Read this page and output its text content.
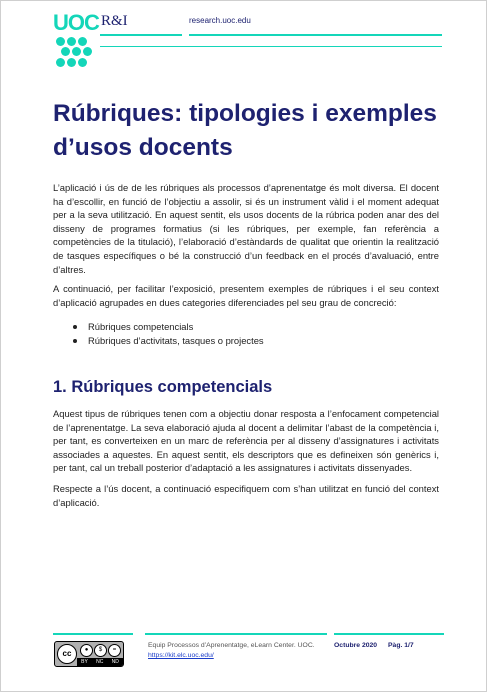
UOC R&I	research.uoc.edu
Rúbriques: tipologies i exemples d’usos docents

L’aplicació i ús de de les rúbriques als processos d’aprenentatge és molt diversa. El docent ha d’escollir, en funció de l’objectiu a assolir, si és un instrument vàlid i el moment adequat per a la seva utilització. En aquest sentit, els usos docents de la rúbrica poden anar des del disseny de programes formatius (si les rúbriques, per exemple, fan referència a competències de la titulació), l’elaboració d’estàndards de qualitat que orientin la realització de tasques específiques o bé la construcció d’un feedback en el procés d’avaluació, entre d’altres.

A continuació, per facilitar l’exposició, presentem exemples de rúbriques i el seu context d’aplicació agrupades en dues categories diferenciades pel seu grau de concreció:

Rúbriques competencials
Rúbriques d’activitats, tasques o projectes
1. Rúbriques competencials

Aquest tipus de rúbriques tenen com a objectiu donar resposta a l’enfocament competencial de l’aprenentatge. La seva elaboració ajuda al docent a delimitar l’abast de la competència i, per tant, es converteixen en un marc de referència per al disseny d’assignatures i activitats associades a aquestes. En aquest sentit, els descriptors que es defineixen són genèrics i, per tant, cal un treball posterior d’adaptació a les assignatures i activitats dissenyades.

Respecte a l’ús docent, a continuació especifiquem com s’han utilitzat en funció del context d’aplicació.

cc	●	$	=
BY NC ND
Equip Processos d’Aprenentatge, eLearn Center. UOC.
https://kit.elc.uoc.edu/
Octubre 2020 Pàg. 1/7
